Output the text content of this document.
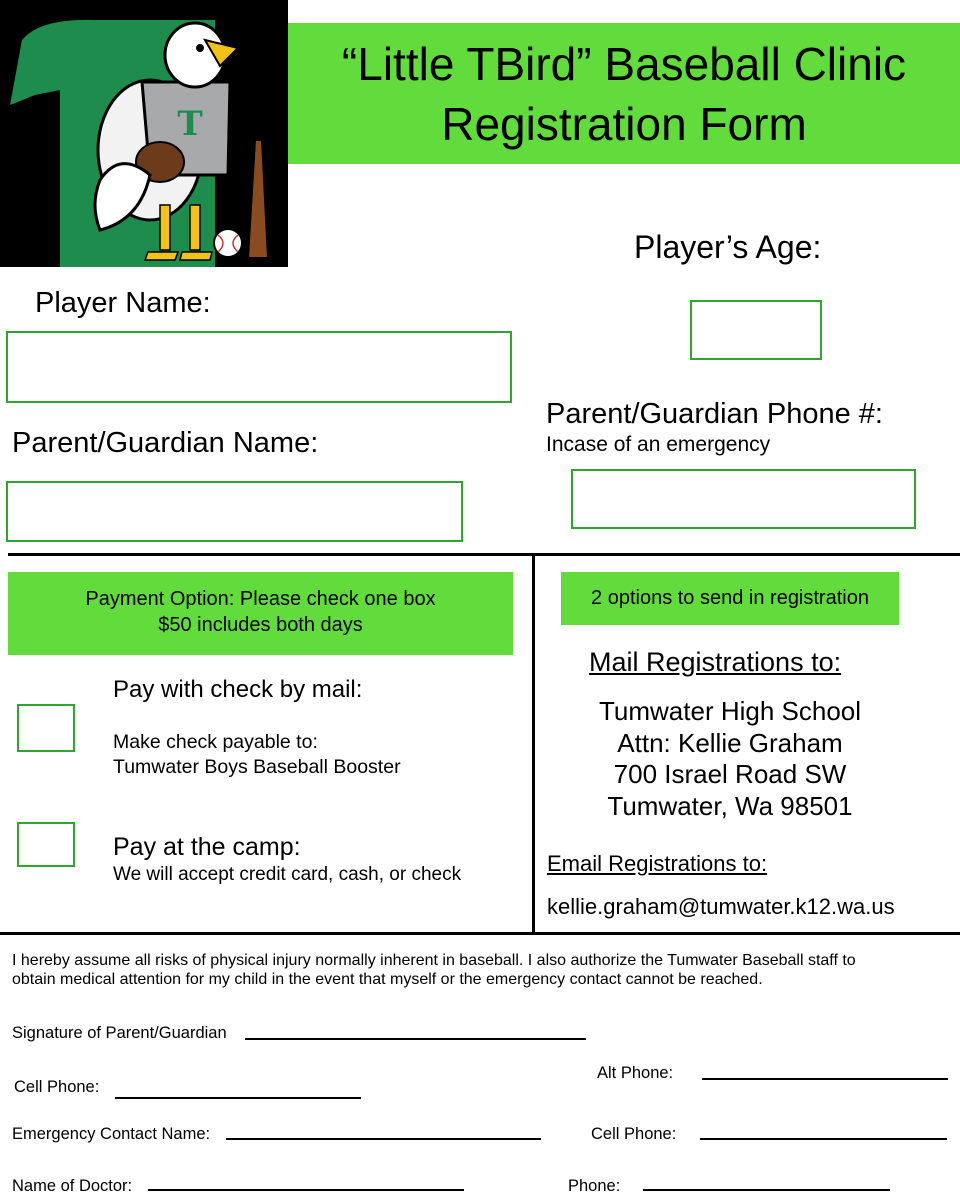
T
“Little TBird” Baseball Clinic
Registration Form
Player’s Age:
Player Name:
Parent/Guardian Phone #:
Incase of an emergency
Parent/Guardian Name:
Payment Option: Please check one box
$50 includes both days
Pay with check by mail:
Make check payable to:
Tumwater Boys Baseball Booster
Pay at the camp:
We will accept credit card, cash, or check
2 options to send in registration
Mail Registrations to:
Tumwater High School
Attn: Kellie Graham
700 Israel Road SW
Tumwater, Wa 98501
Email Registrations to:
kellie.graham@tumwater.k12.wa.us
I hereby assume all risks of physical injury normally inherent in baseball. I also authorize the Tumwater Baseball staff to
obtain medical attention for my child in the event that myself or the emergency contact cannot be reached.
Signature of Parent/Guardian
Alt Phone:
Cell Phone:
Emergency Contact Name:	Cell Phone:
Name of Doctor:	Phone:
